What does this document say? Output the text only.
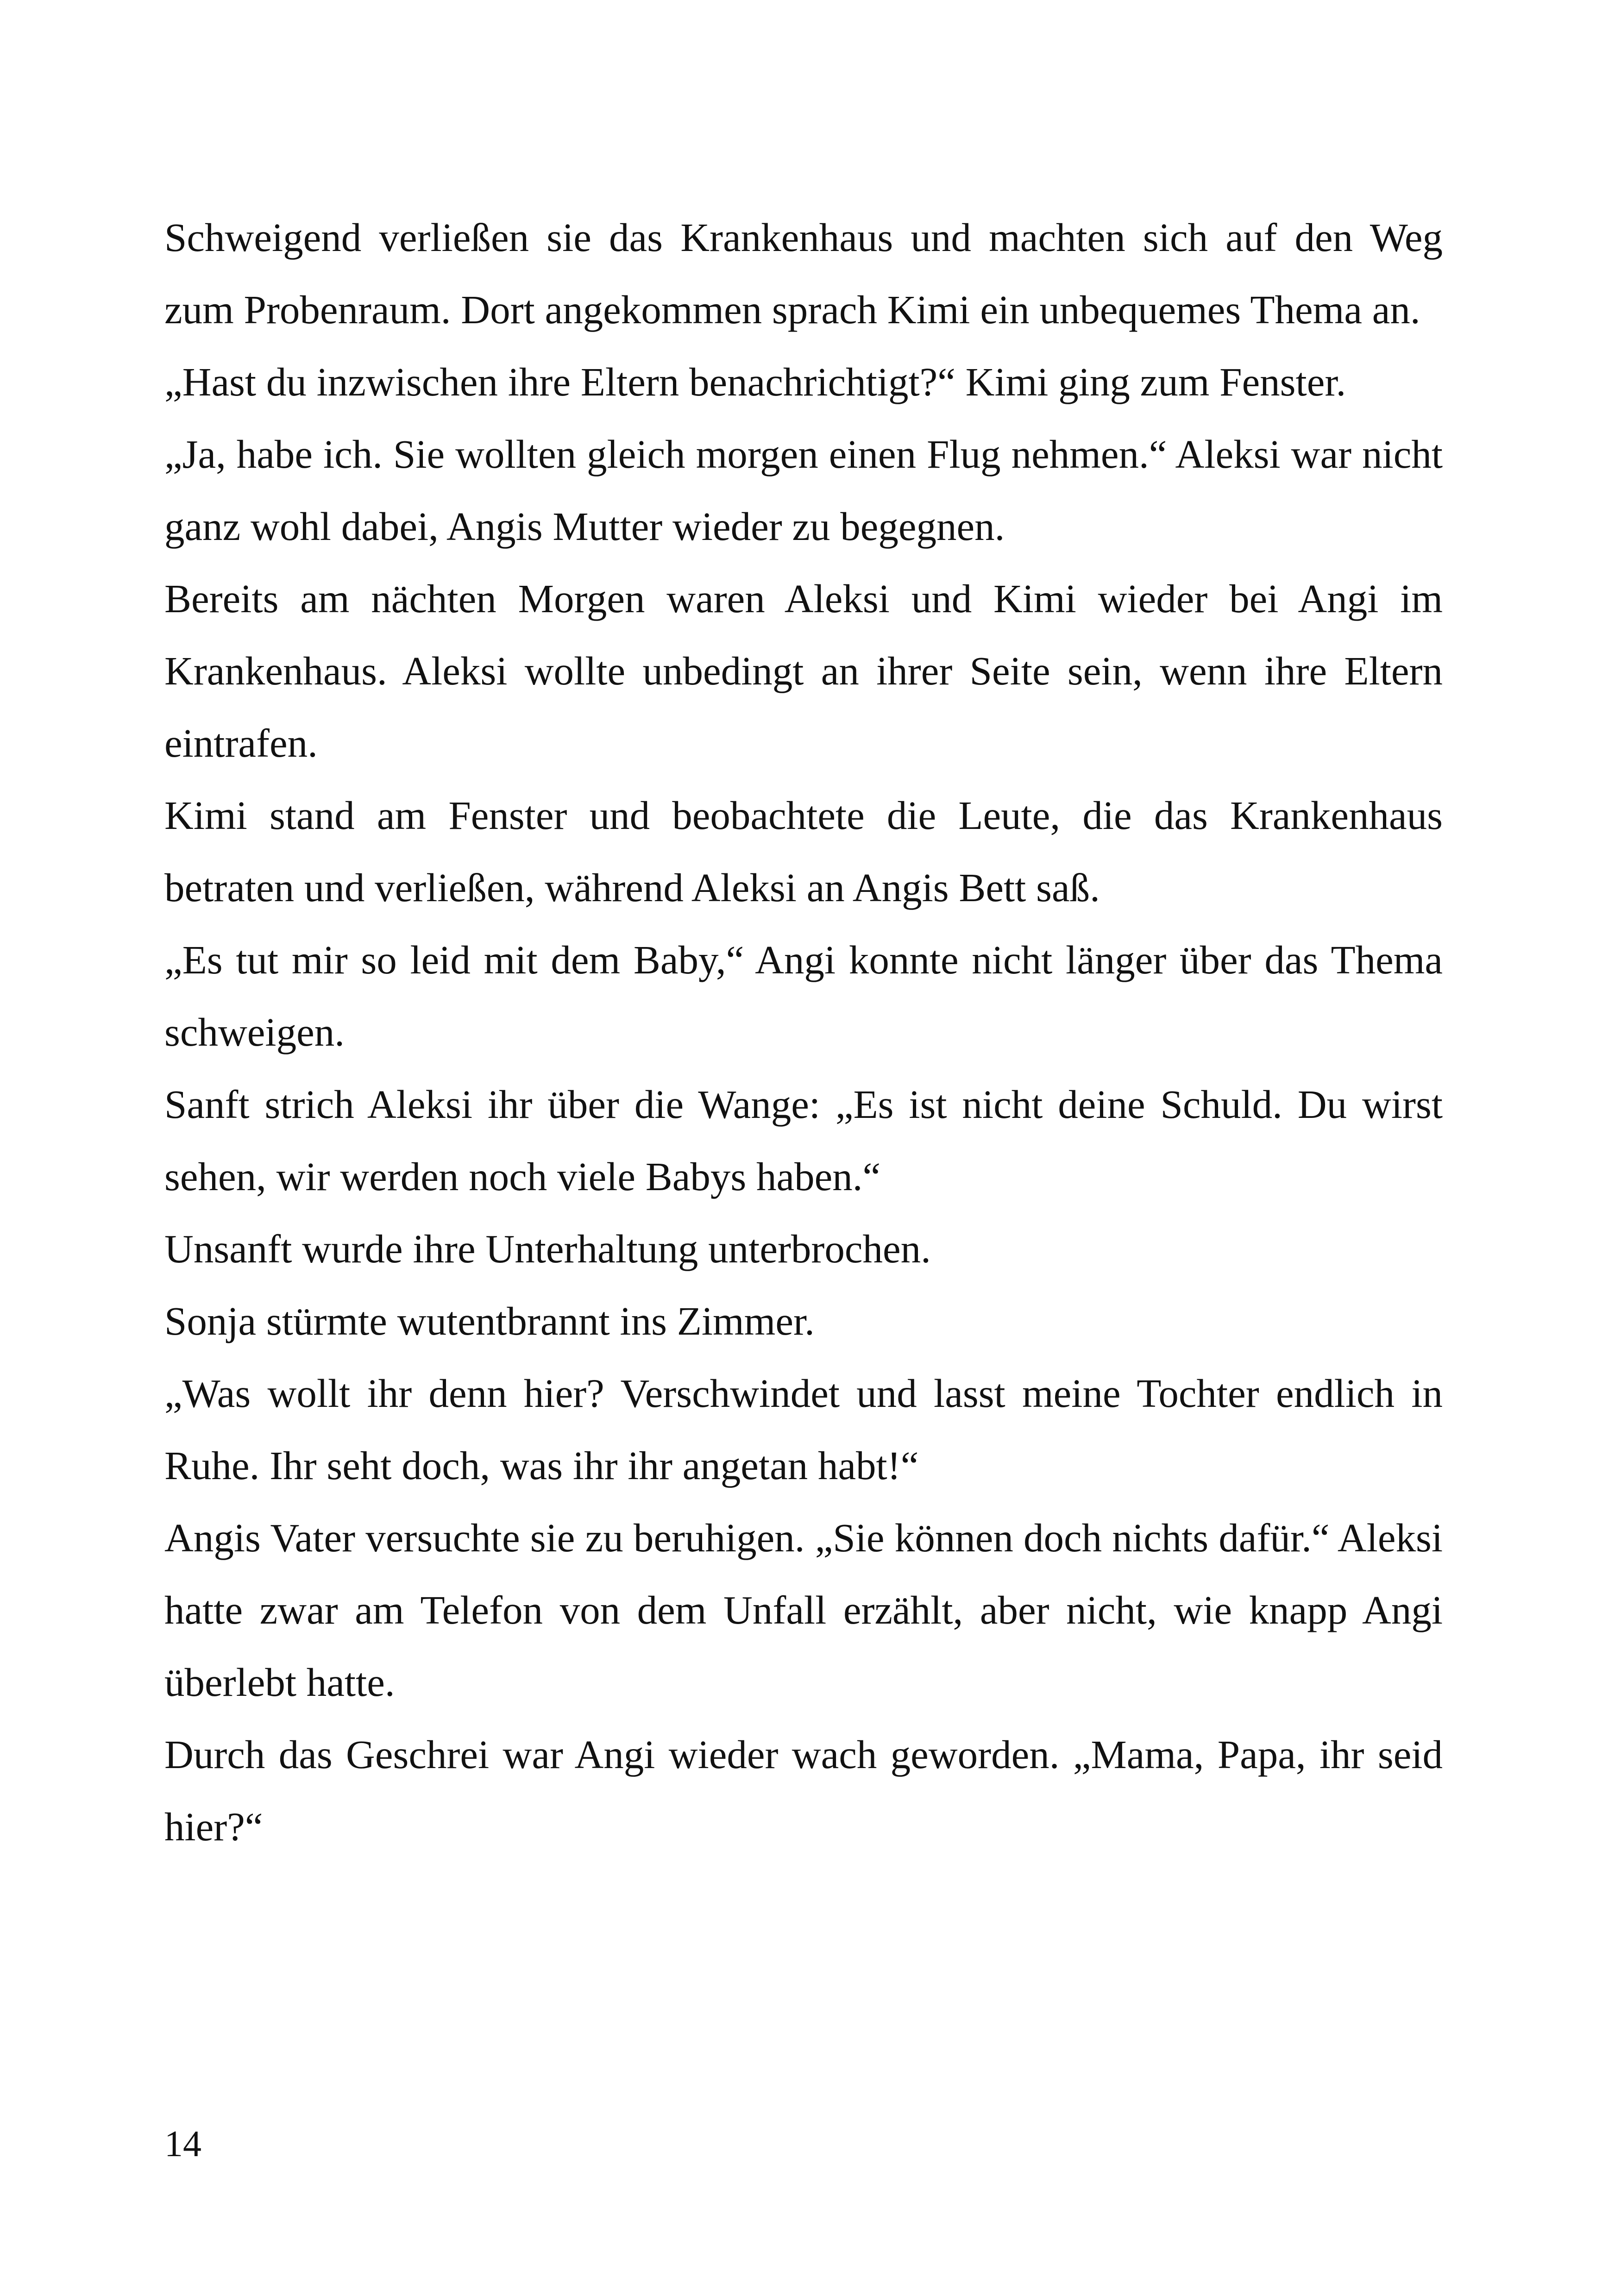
Schweigend verließen sie das Krankenhaus und machten sich auf den Weg zum Probenraum. Dort angekommen sprach Kimi ein unbequemes Thema an.

„Hast du inzwischen ihre Eltern benachrichtigt?“ Kimi ging zum Fenster.

„Ja, habe ich. Sie wollten gleich morgen einen Flug nehmen.“ Aleksi war nicht ganz wohl dabei, Angis Mutter wieder zu begegnen.

Bereits am nächten Morgen waren Aleksi und Kimi wieder bei Angi im Krankenhaus. Aleksi wollte unbedingt an ihrer Seite sein, wenn ihre Eltern eintrafen.

Kimi stand am Fenster und beobachtete die Leute, die das Krankenhaus betraten und verließen, während Aleksi an Angis Bett saß.

„Es tut mir so leid mit dem Baby,“ Angi konnte nicht länger über das Thema schweigen.

Sanft strich Aleksi ihr über die Wange: „Es ist nicht deine Schuld. Du wirst sehen, wir werden noch viele Babys haben.“

Unsanft wurde ihre Unterhaltung unterbrochen.

Sonja stürmte wutentbrannt ins Zimmer.

„Was wollt ihr denn hier? Verschwindet und lasst meine Tochter endlich in Ruhe. Ihr seht doch, was ihr ihr angetan habt!“

Angis Vater versuchte sie zu beruhigen. „Sie können doch nichts dafür.“ Aleksi hatte zwar am Telefon von dem Unfall erzählt, aber nicht, wie knapp Angi überlebt hatte.

Durch das Geschrei war Angi wieder wach geworden. „Mama, Papa, ihr seid hier?“

14
